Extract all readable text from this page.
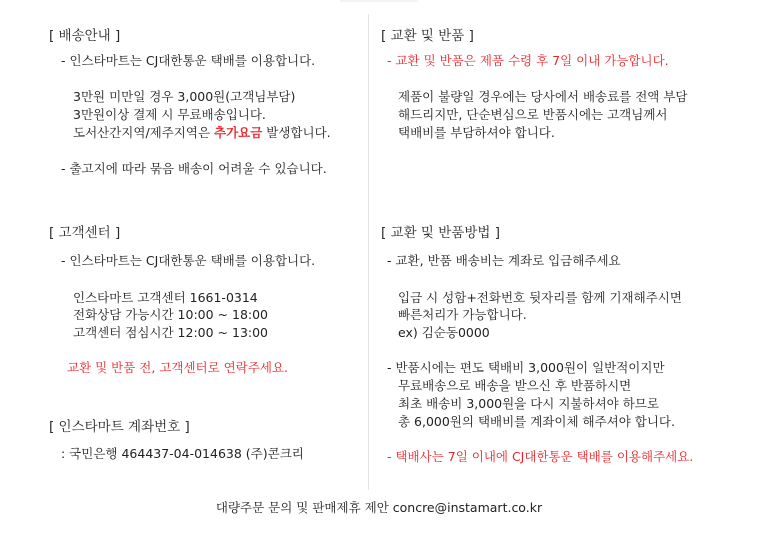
[ 배송안내 ]
- 인스타마트는 CJ대한통운 택배를 이용합니다.
3만원 미만일 경우 3,000원(고객님부담)
3만원이상 결제 시 무료배송입니다.
도서산간지역/제주지역은 추가요금 발생합니다.
- 출고지에 따라 묶음 배송이 어려울 수 있습니다.
[ 고객센터 ]
- 인스타마트는 CJ대한통운 택배를 이용합니다.
인스타마트 고객센터 1661-0314
전화상담 가능시간 10:00 ~ 18:00
고객센터 점심시간 12:00 ~ 13:00
교환 및 반품 전, 고객센터로 연락주세요.
[ 인스타마트 계좌번호 ]
: 국민은행 464437-04-014638 (주)콘크리
[ 교환 및 반품 ]
- 교환 및 반품은 제품 수령 후 7일 이내 가능합니다.
제품이 불량일 경우에는 당사에서 배송료를 전액 부담
해드리지만, 단순변심으로 반품시에는 고객님께서
택배비를 부담하셔야 합니다.
[ 교환 및 반품방법 ]
- 교환, 반품 배송비는 계좌로 입금해주세요
입금 시 성함+전화번호 뒷자리를 함께 기재해주시면
빠른처리가 가능합니다.
ex) 김순동0000
- 반품시에는 편도 택배비 3,000원이 일반적이지만
무료배송으로 배송을 받으신 후 반품하시면
최초 배송비 3,000원을 다시 지불하셔야 하므로
총 6,000원의 택배비를 계좌이체 해주셔야 합니다.
- 택배사는 7일 이내에 CJ대한통운 택배를 이용해주세요.
대량주문 문의 및 판매제휴 제안 concre@instamart.co.kr
